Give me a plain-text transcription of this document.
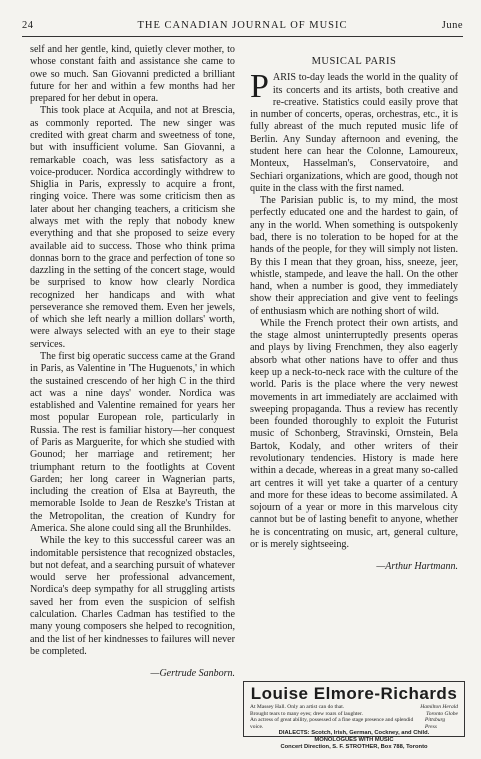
24	THE CANADIAN JOURNAL OF MUSIC	June

self and her gentle, kind, quietly clever mother, to whose constant faith and assistance she came to owe so much. San Giovanni predicted a brilliant future for her and within a few months had her prepared for her debut in opera.

This took place at Acquila, and not at Brescia, as commonly reported. The new singer was credited with great charm and sweetness of tone, but with insufficient volume. San Giovanni, a remarkable coach, was less satisfactory as a voice-producer. Nordica accordingly withdrew to Shiglia in Paris, expressly to acquire a front, ringing voice. There was some criticism then as later about her changing teachers, a criticism she always met with the reply that nobody knew everything and that she proposed to seize every available aid to success. Those who think prima donnas born to the grace and perfection of tone so dazzling in the setting of the concert stage, would be surprised to know how clearly Nordica recognized her handicaps and with what perseverance she removed them. Even her jewels, of which she left nearly a million dollars' worth, were always selected with an eye to their stage services.

The first big operatic success came at the Grand in Paris, as Valentine in 'The Huguenots,' in which the sustained crescendo of her high C in the third act was a nine days' wonder. Nordica was established and Valentine remained for years her most popular European role, particularly in Russia. The rest is familiar history—her conquest of Paris as Marguerite, for which she studied with Gounod; her marriage and retirement; her triumphant return to the footlights at Covent Garden; her long career in Wagnerian parts, including the creation of Elsa at Bayreuth, the memorable Isolde to Jean de Reszke's Tristan at the Metropolitan, the creation of Kundry for America. She alone could sing all the Brunhildes.

While the key to this successful career was an indomitable persistence that recognized obstacles, but not defeat, and a searching pursuit of whatever would serve her professional advancement, Nordica's deep sympathy for all struggling artists saved her from even the suspicion of selfish calculation. Charles Cadman has testified to the many young composers she helped to recognition, and the list of her kindnesses to failures will never be completed.

—Gertrude Sanborn.

MUSICAL PARIS

PARIS to-day leads the world in the quality of its concerts and its artists, both creative and re-creative. Statistics could easily prove that in number of concerts, operas, orchestras, etc., it is fully abreast of the much reputed music life of Berlin. Any Sunday afternoon and evening, the student here can hear the Colonne, Lamoureux, Monteux, Hasselman's, Conservatoire, and Sechiari organizations, which are good, though not quite in the class with the first named.

The Parisian public is, to my mind, the most perfectly educated one and the hardest to gain, of any in the world. When something is outspokenly bad, there is no toleration to be hoped for at the hands of the people, for they will simply not listen. By this I mean that they groan, hiss, sneeze, jeer, whistle, stampede, and leave the hall. On the other hand, when a number is good, they immediately show their appreciation and give vent to feelings of enthusiasm which are nothing short of wild.

While the French protect their own artists, and the stage almost uninterruptedly presents operas and plays by living Frenchmen, they also eagerly absorb what other nations have to offer and thus keep up a neck-to-neck race with the culture of the world. Paris is the place where the very newest movements in art immediately are acclaimed with sweeping propaganda. Thus a review has recently been founded thoroughly to exploit the Futurist music of Schonberg, Stravinski, Ornstein, Bela Bartok, Kodaly, and other writers of their revolutionary tendencies. History is made here within a decade, whereas in a great many so-called art centres it will yet take a quarter of a century and more for these ideas to become assimilated. A sojourn of a year or more in this marvelous city cannot but be of lasting benefit to anyone, whether he is concentrating on music, art, general culture, or is merely sightseeing.

—Arthur Hartmann.

Louise Elmore-Richards
At Massey Hall. Only an artist can do that.	Hamilton Herald
Brought tears to many eyes; drew roars of laughter.	Toronto Globe
An actress of great ability, possessed of a fine stage presence and splendid voice.
Pittsburg Press
DIALECTS: Scotch, Irish, German, Cockney, and Child.
MONOLOGUES WITH MUSIC
Concert Direction, S. F. STROTHER, Box 788, Toronto
